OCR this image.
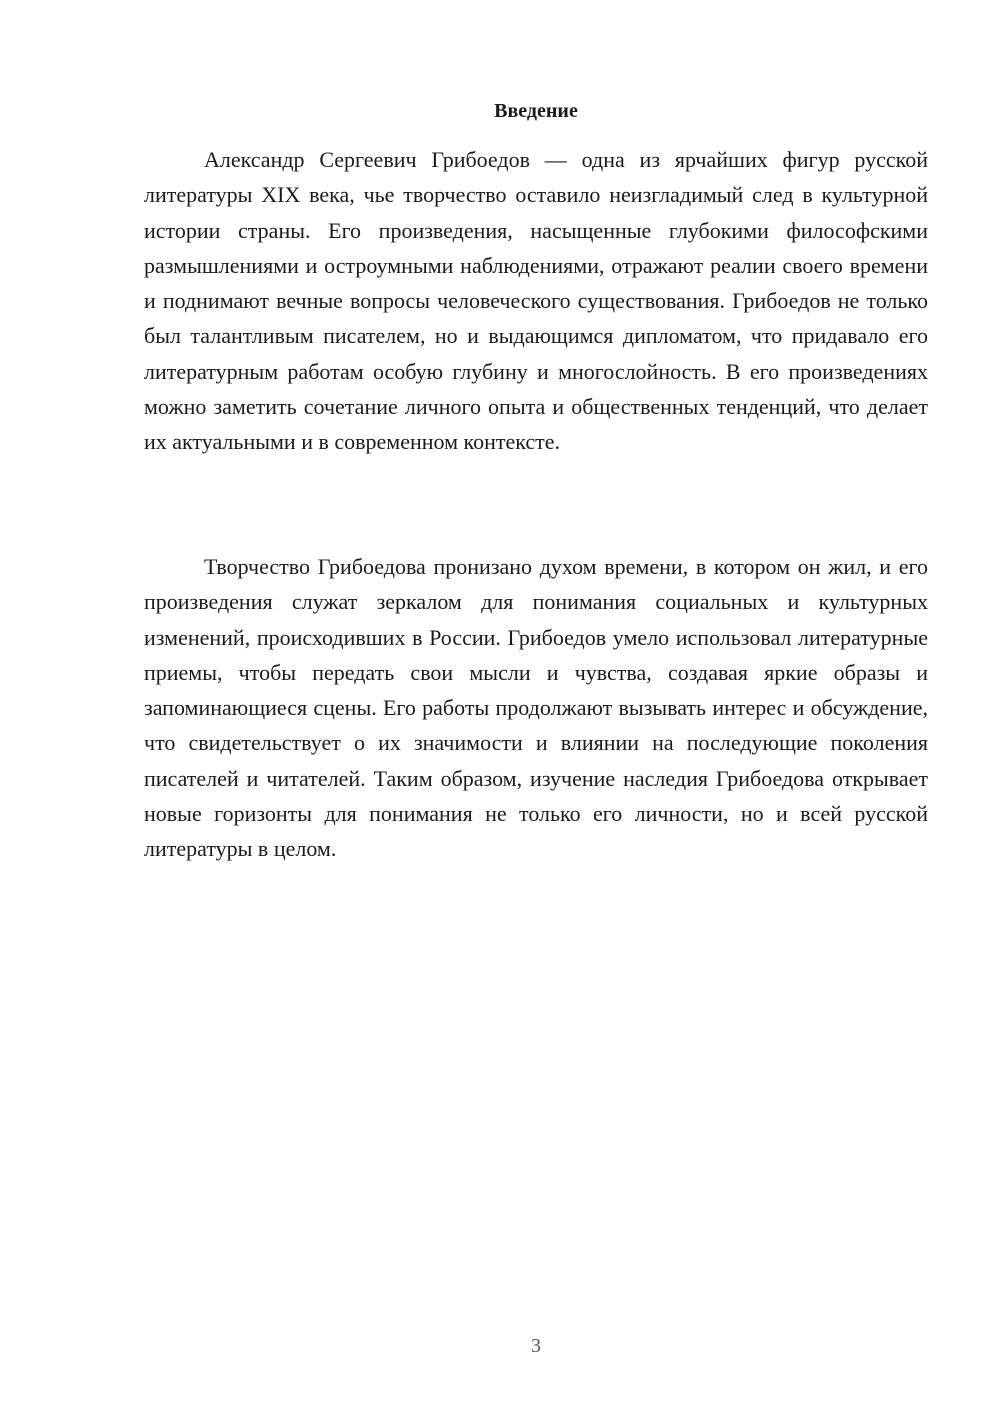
Введение

Александр Сергеевич Грибоедов — одна из ярчайших фигур русской литературы XIX века, чье творчество оставило неизгладимый след в культурной истории страны. Его произведения, насыщенные глубокими философскими размышлениями и остроумными наблюдениями, отражают реалии своего времени и поднимают вечные вопросы человеческого существования. Грибоедов не только был талантливым писателем, но и выдающимся дипломатом, что придавало его литературным работам особую глубину и многослойность. В его произведениях можно заметить сочетание личного опыта и общественных тенденций, что делает их актуальными и в современном контексте.

Творчество Грибоедова пронизано духом времени, в котором он жил, и его произведения служат зеркалом для понимания социальных и культурных изменений, происходивших в России. Грибоедов умело использовал литературные приемы, чтобы передать свои мысли и чувства, создавая яркие образы и запоминающиеся сцены. Его работы продолжают вызывать интерес и обсуждение, что свидетельствует о их значимости и влиянии на последующие поколения писателей и читателей. Таким образом, изучение наследия Грибоедова открывает новые горизонты для понимания не только его личности, но и всей русской литературы в целом.

3
